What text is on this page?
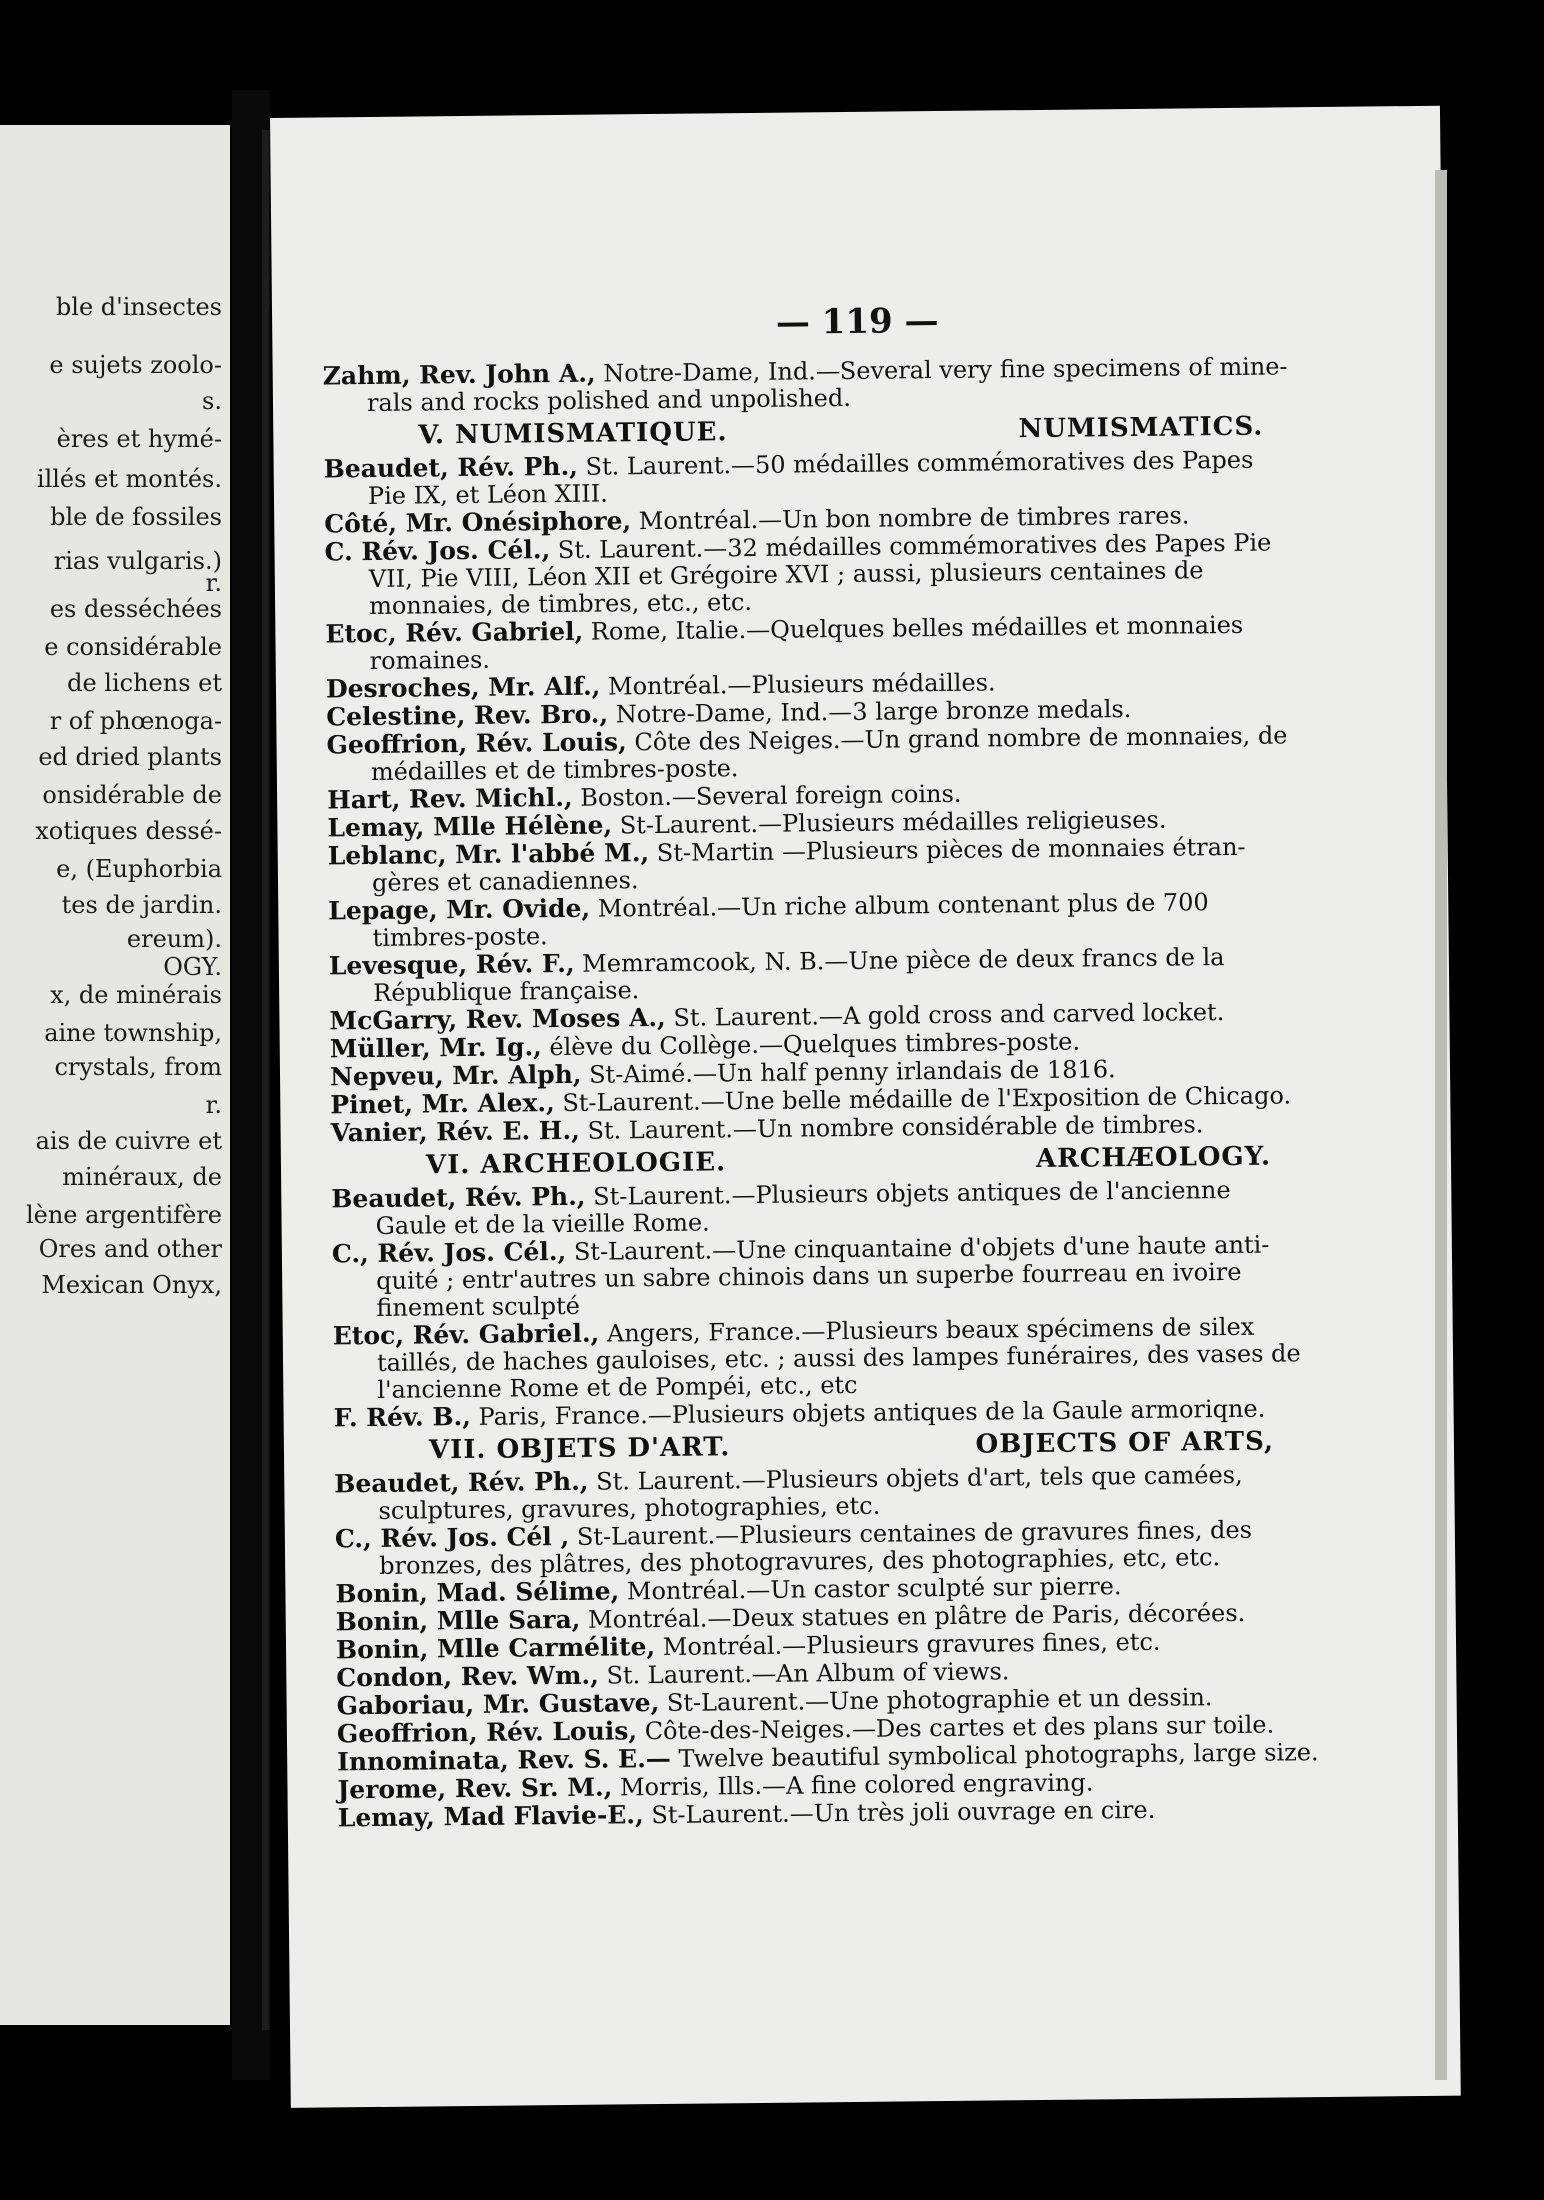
ble d'insectes
e sujets zoolo-
s.
ères et hymé-
illés et montés.
ble de fossiles
rias vulgaris.)
r.
es desséchées
e considérable
de lichens et
r of phœnoga-
ed dried plants
onsidérable de
xotiques dessé-
e, (Euphorbia
tes de jardin.
ereum).
OGY.
x, de minérais
aine township,
crystals, from
r.
ais de cuivre et
minéraux, de
lène argentifère
Ores and other
Mexican Onyx,
— 119 —
Zahm, Rev. John A., Notre-Dame, Ind.—Several very fine specimens of mine-
rals and rocks polished and unpolished.
V. NUMISMATIQUE.	NUMISMATICS.
Beaudet, Rév. Ph., St. Laurent.—50 médailles commémoratives des Papes
Pie IX, et Léon XIII.
Côté, Mr. Onésiphore, Montréal.—Un bon nombre de timbres rares.
C. Rév. Jos. Cél., St. Laurent.—32 médailles commémoratives des Papes Pie
VII, Pie VIII, Léon XII et Grégoire XVI ; aussi, plusieurs centaines de monnaies, de timbres, etc., etc.
Etoc, Rév. Gabriel, Rome, Italie.—Quelques belles médailles et monnaies
romaines.
Desroches, Mr. Alf., Montréal.—Plusieurs médailles.
Celestine, Rev. Bro., Notre-Dame, Ind.—3 large bronze medals.
Geoffrion, Rév. Louis, Côte des Neiges.—Un grand nombre de monnaies, de
médailles et de timbres-poste.
Hart, Rev. Michl., Boston.—Several foreign coins.
Lemay, Mlle Hélène, St-Laurent.—Plusieurs médailles religieuses.
Leblanc, Mr. l'abbé M., St-Martin —Plusieurs pièces de monnaies étran-
gères et canadiennes.
Lepage, Mr. Ovide, Montréal.—Un riche album contenant plus de 700
timbres-poste.
Levesque, Rév. F., Memramcook, N. B.—Une pièce de deux francs de la
République française.
McGarry, Rev. Moses A., St. Laurent.—A gold cross and carved locket.
Müller, Mr. Ig., élève du Collège.—Quelques timbres-poste.
Nepveu, Mr. Alph, St-Aimé.—Un half penny irlandais de 1816.
Pinet, Mr. Alex., St-Laurent.—Une belle médaille de l'Exposition de Chicago.
Vanier, Rév. E. H., St. Laurent.—Un nombre considérable de timbres.
VI. ARCHEOLOGIE.	ARCHÆOLOGY.
Beaudet, Rév. Ph., St-Laurent.—Plusieurs objets antiques de l'ancienne
Gaule et de la vieille Rome.
C., Rév. Jos. Cél., St-Laurent.—Une cinquantaine d'objets d'une haute anti-
quité ; entr'autres un sabre chinois dans un superbe fourreau en ivoire finement sculpté
Etoc, Rév. Gabriel., Angers, France.—Plusieurs beaux spécimens de silex
taillés, de haches gauloises, etc. ; aussi des lampes funéraires, des vases de l'ancienne Rome et de Pompéi, etc., etc
F. Rév. B., Paris, France.—Plusieurs objets antiques de la Gaule armoriqne.
VII. OBJETS D'ART.	OBJECTS OF ARTS,
Beaudet, Rév. Ph., St. Laurent.—Plusieurs objets d'art, tels que camées,
sculptures, gravures, photographies, etc.
C., Rév. Jos. Cél , St-Laurent.—Plusieurs centaines de gravures fines, des
bronzes, des plâtres, des photogravures, des photographies, etc, etc.
Bonin, Mad. Sélime, Montréal.—Un castor sculpté sur pierre.
Bonin, Mlle Sara, Montréal.—Deux statues en plâtre de Paris, décorées.
Bonin, Mlle Carmélite, Montréal.—Plusieurs gravures fines, etc.
Condon, Rev. Wm., St. Laurent.—An Album of views.
Gaboriau, Mr. Gustave, St-Laurent.—Une photographie et un dessin.
Geoffrion, Rév. Louis, Côte-des-Neiges.—Des cartes et des plans sur toile.
Innominata, Rev. S. E.— Twelve beautiful symbolical photographs, large size.
Jerome, Rev. Sr. M., Morris, Ills.—A fine colored engraving.
Lemay, Mad Flavie-E., St-Laurent.—Un très joli ouvrage en cire.
